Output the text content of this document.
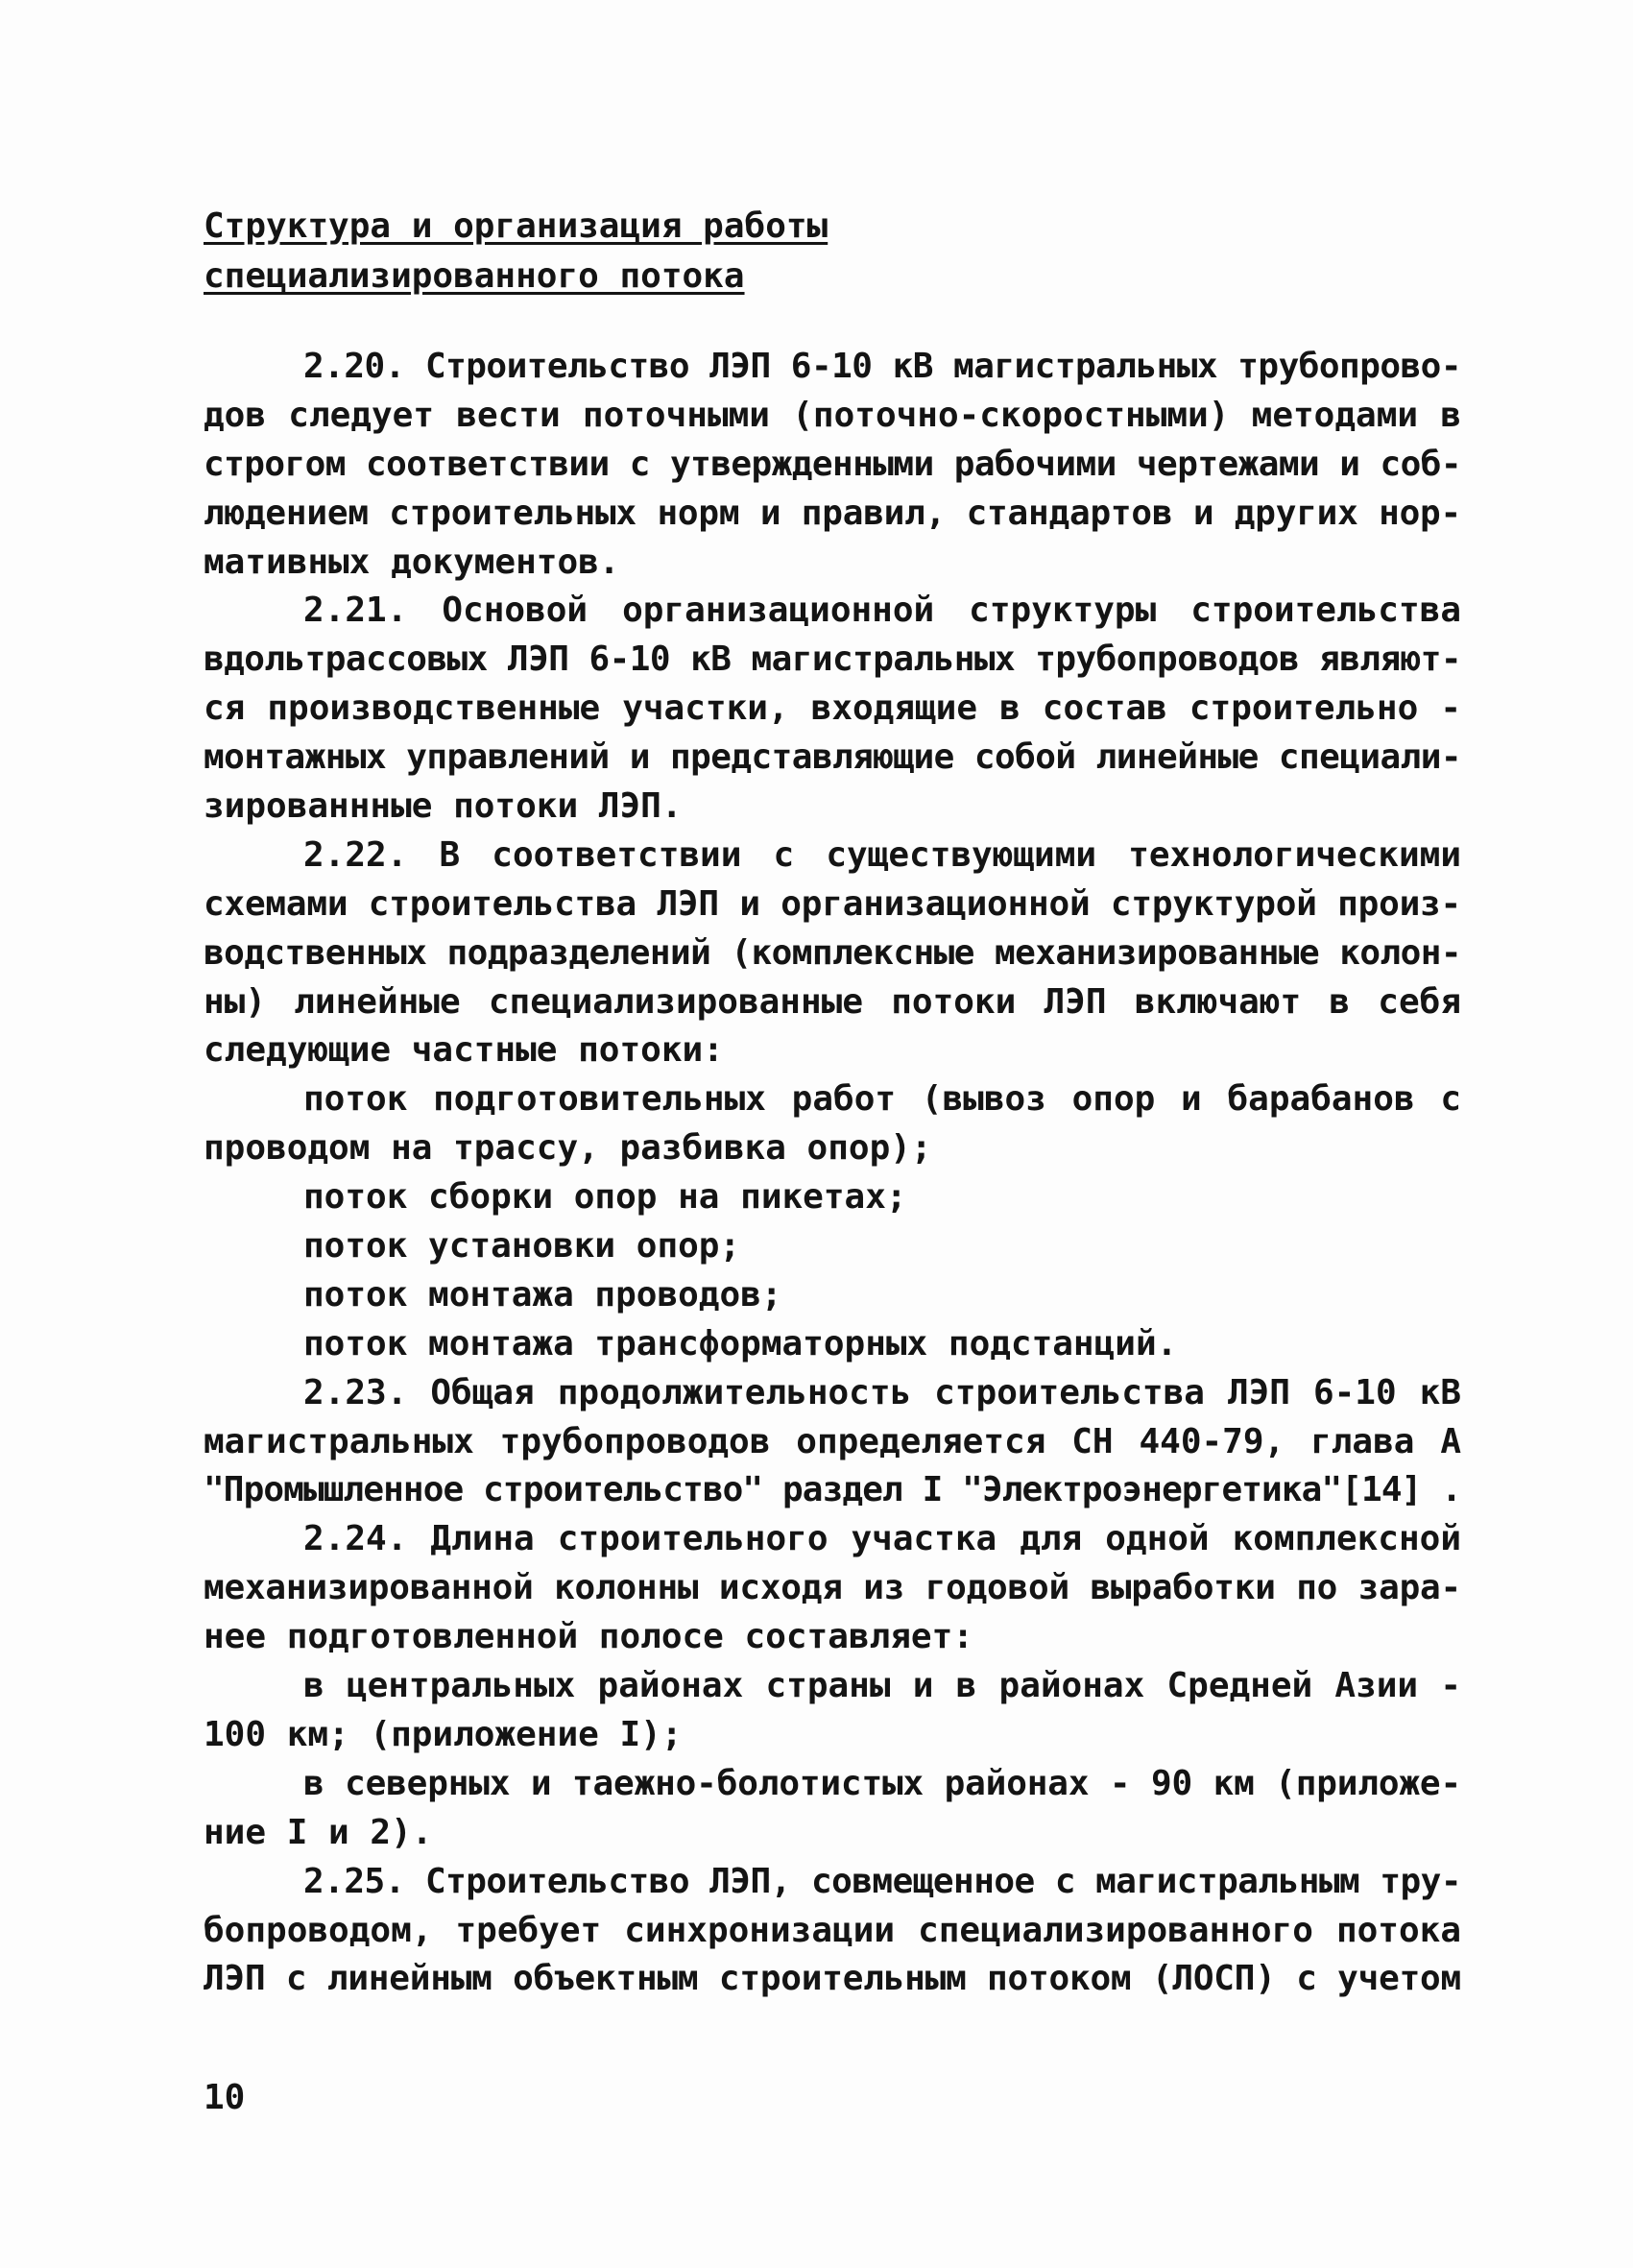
Структура и организация работы
специализированного потока
2.20. Строительство ЛЭП 6-10 кВ магистральных трубопрово-
дов следует вести поточными (поточно-скоростными) методами в
строгом соответствии с утвержденными рабочими чертежами и соб-
людением строительных норм и правил, стандартов и других нор-
мативных документов.
2.21. Основой организационной структуры строительства
вдольтрассовых ЛЭП 6-10 кВ магистральных трубопроводов являют-
ся производственные участки, входящие в состав строительно -
монтажных управлений и представляющие собой линейные специали-
зированнные потоки ЛЭП.
2.22. В соответствии с существующими технологическими
схемами строительства ЛЭП и организационной структурой произ-
водственных подразделений (комплексные механизированные колон-
ны) линейные специализированные потоки ЛЭП включают в себя
следующие частные потоки:
поток подготовительных работ (вывоз опор и барабанов с
проводом на трассу, разбивка опор);
поток сборки опор на пикетах;
поток установки опор;
поток монтажа проводов;
поток монтажа трансформаторных подстанций.
2.23. Общая продолжительность строительства ЛЭП 6-10 кВ
магистральных трубопроводов определяется СН 440-79, глава А
"Промышленное строительство" раздел I "Электроэнергетика"[14] .
2.24. Длина строительного участка для одной комплексной
механизированной колонны исходя из годовой выработки по зара-
нее подготовленной полосе составляет:
в центральных районах страны и в районах Средней Азии -
100 км; (приложение I);
в северных и таежно-болотистых районах - 90 км (приложе-
ние I и 2).
2.25. Строительство ЛЭП, совмещенное с магистральным тру-
бопроводом, требует синхронизации специализированного потока
ЛЭП с линейным объектным строительным потоком (ЛОСП) с учетом
10
